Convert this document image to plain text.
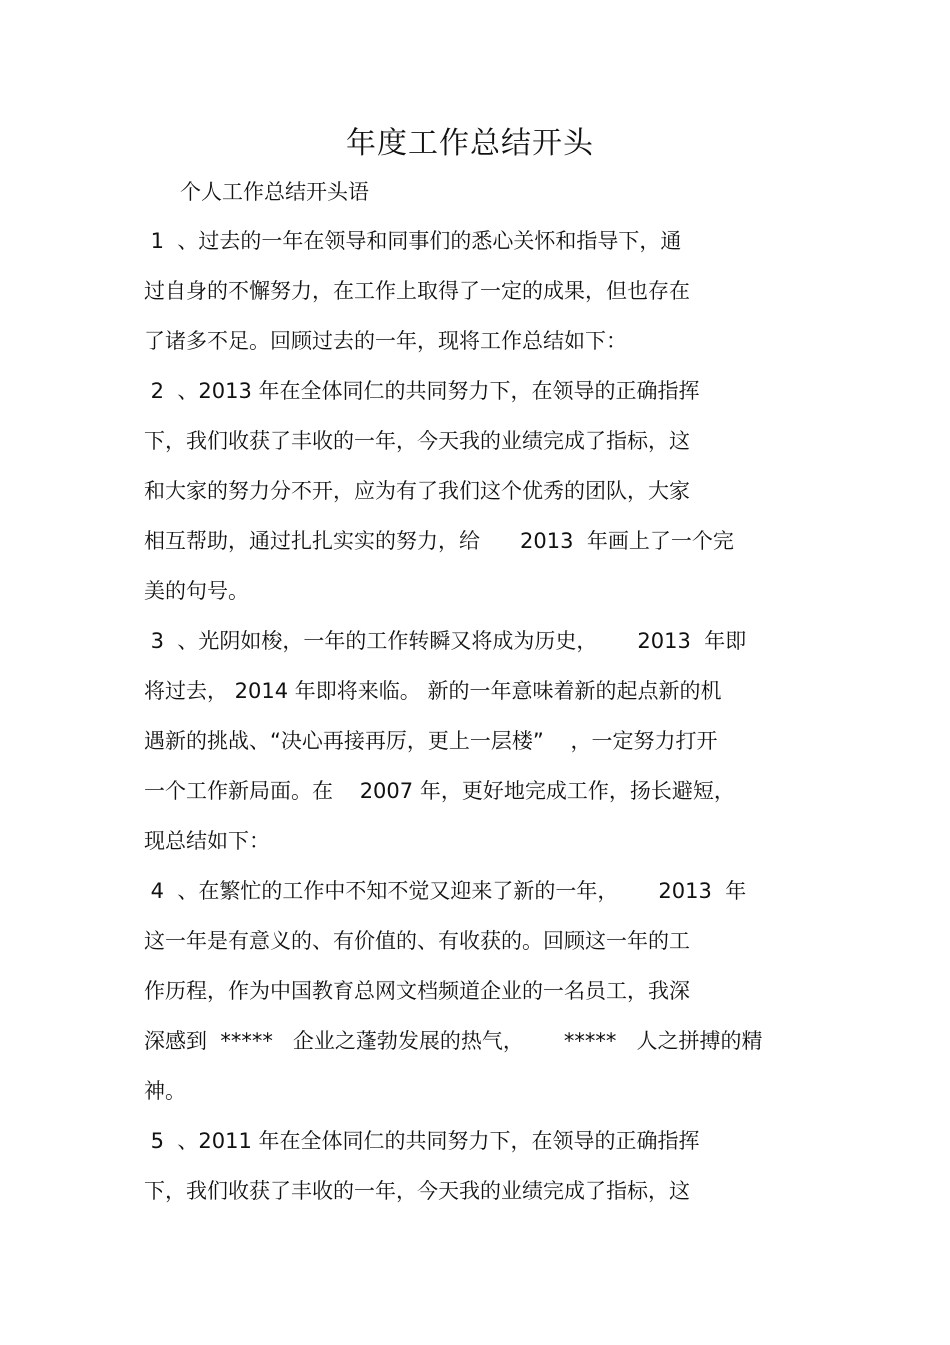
年度工作总结开头
个人工作总结开头语
1  、过去的一年在领导和同事们的悉心关怀和指导下，通
过自身的不懈努力，在工作上取得了一定的成果，但也存在
了诸多不足。回顾过去的一年，现将工作总结如下：
2  、2013 年在全体同仁的共同努力下，在领导的正确指挥
下，我们收获了丰收的一年，今天我的业绩完成了指标，这
和大家的努力分不开，应为有了我们这个优秀的团队，大家
相互帮助，通过扎扎实实的努力，给      2013  年画上了一个完
美的句号。
3  、光阴如梭，一年的工作转瞬又将成为历史，      2013  年即
将过去， 2014 年即将来临。 新的一年意味着新的起点新的机
遇新的挑战、“决心再接再厉，更上一层楼”    ，一定努力打开
一个工作新局面。在    2007 年，更好地完成工作，扬长避短，
现总结如下：
4  、在繁忙的工作中不知不觉又迎来了新的一年，      2013  年
这一年是有意义的、有价值的、有收获的。回顾这一年的工
作历程，作为中国教育总网文档频道企业的一名员工，我深
深感到  *****   企业之蓬勃发展的热气，      *****   人之拼搏的精
神。
5  、2011 年在全体同仁的共同努力下，在领导的正确指挥
下，我们收获了丰收的一年，今天我的业绩完成了指标，这
